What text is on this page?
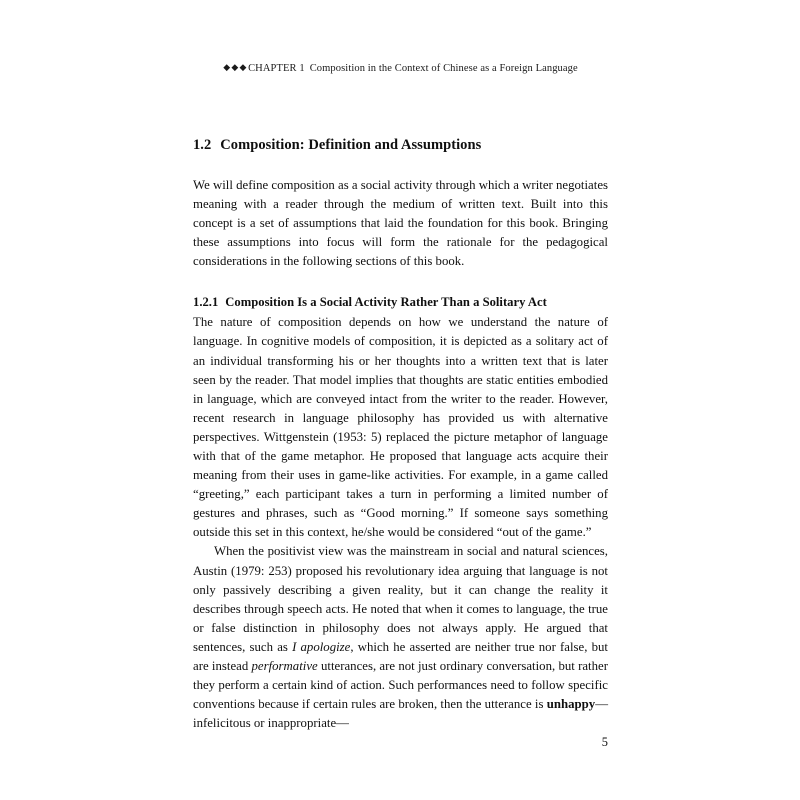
◆◆◆CHAPTER 1 Composition in the Context of Chinese as a Foreign Language
1.2 Composition: Definition and Assumptions

We will define composition as a social activity through which a writer negotiates meaning with a reader through the medium of written text. Built into this concept is a set of assumptions that laid the foundation for this book. Bringing these assumptions into focus will form the rationale for the pedagogical considerations in the following sections of this book.

1.2.1 Composition Is a Social Activity Rather Than a Solitary Act

The nature of composition depends on how we understand the nature of language. In cognitive models of composition, it is depicted as a solitary act of an individual transforming his or her thoughts into a written text that is later seen by the reader. That model implies that thoughts are static entities embodied in language, which are conveyed intact from the writer to the reader. However, recent research in language philosophy has provided us with alternative perspectives. Wittgenstein (1953: 5) replaced the picture metaphor of language with that of the game metaphor. He proposed that language acts acquire their meaning from their uses in game-like activities. For example, in a game called “greeting,” each participant takes a turn in performing a limited number of gestures and phrases, such as “Good morning.” If someone says something outside this set in this context, he/she would be considered “out of the game.”

When the positivist view was the mainstream in social and natural sciences, Austin (1979: 253) proposed his revolutionary idea arguing that language is not only passively describing a given reality, but it can change the reality it describes through speech acts. He noted that when it comes to language, the true or false distinction in philosophy does not always apply. He argued that sentences, such as I apologize, which he asserted are neither true nor false, but are instead performative utterances, are not just ordinary conversation, but rather they perform a certain kind of action. Such performances need to follow specific conventions because if certain rules are broken, then the utterance is unhappy—infelicitous or inappropriate—

5
